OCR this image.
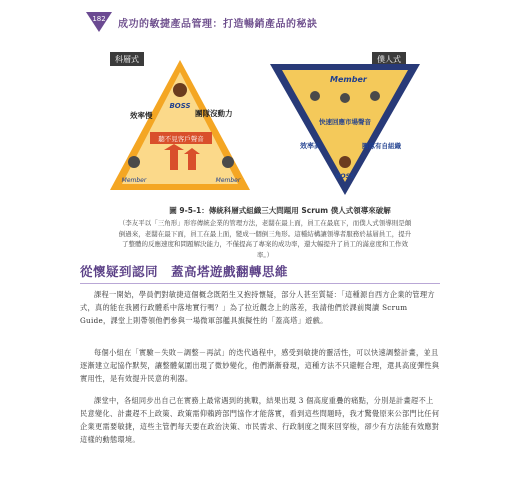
182	成功的敏捷產品管理：打造暢銷產品的秘訣
科層式
BOSS
效率慢	團隊沒動力
聽不見客戶聲音
Member	Member
僕人式
Member
快速回應市場聲音
效率高	團隊有自組織
BOSS
圖 9-5-1：傳統科層式組織三大問題用 Scrum 僕人式領導來破解
（李友平以「三角形」形容傳統企業的管理方法，老闆在最上面，員工在最底下，而僕人式領導則是顛倒過來，老闆在最下面，員工在最上面，變成一個倒三角形。這種結構讓領導者服務於基層員工，提升了整體的反應速度和問題解決能力，不僅提高了專案的成功率，還大幅提升了員工的滿意度和工作效率。）
從懷疑到認同　蓋高塔遊戲翻轉思維
課程一開始，學員們對敏捷這個概念既陌生又抱持懷疑，部分人甚至質疑：「這種源自西方企業的管理方式，真的能在我國行政體系中落地實行嗎？」為了拉近觀念上的落差，我請他們於課前閱讀 Scrum Guide，課堂上則帶領他們參與一場微軍部艦具旗擬性的「蓋高塔」遊戲。
每個小組在「實驗－失敗－調整－再試」的迭代過程中，感受到敏捷的靈活性，可以快速調整計畫，並且逐漸建立起協作默契，讓整體氣圍出現了微妙變化，他們漸漸發現，這種方法不只避輕合理，還具高度彈性與實用性，是有效提升民意的利器。
課堂中，各組同步出自己在實務上最常遇到的挑戰，結果出現 3 個高度重疊的痛點，分別是計畫趕不上民意變化、計畫趕不上政策、政策需仰賴跨部門協作才能落實，看到這些問題時，我才驚覺原來公部門比任何企業更需要敏捷，這些主管們每天要在政治決策、市民需求、行政制度之間來回穿梭，卻少有方法能有效應對這樣的動態環境。
